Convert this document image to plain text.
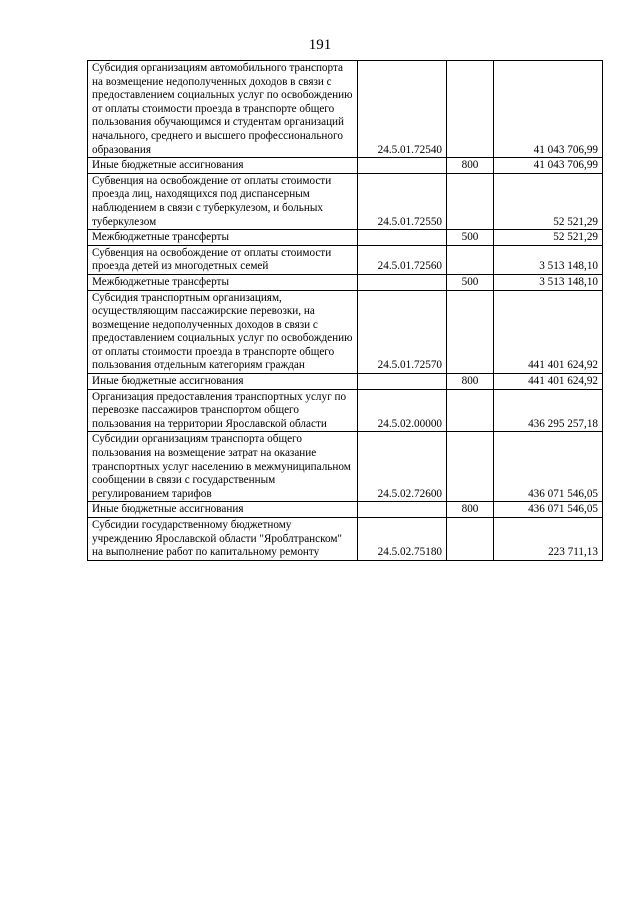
191
Субсидия организациям автомобильного транспорта на возмещение недополученных доходов в связи с предоставлением социальных услуг по освобождению от оплаты стоимости проезда в транспорте общего пользования обучающимся и студентам организаций начального, среднего и высшего профессионального образования	24.5.01.72540		41 043 706,99
Иные бюджетные ассигнования		800	41 043 706,99
Субвенция на освобождение от оплаты стоимости проезда лиц, находящихся под диспансерным наблюдением в связи с туберкулезом, и больных туберкулезом	24.5.01.72550		52 521,29
Межбюджетные трансферты		500	52 521,29
Субвенция на освобождение от оплаты стоимости проезда детей из многодетных семей	24.5.01.72560		3 513 148,10
Межбюджетные трансферты		500	3 513 148,10
Субсидия транспортным организациям, осуществляющим пассажирские перевозки, на возмещение недополученных доходов в связи с предоставлением социальных услуг по освобождению от оплаты стоимости проезда в транспорте общего пользования отдельным категориям граждан	24.5.01.72570		441 401 624,92
Иные бюджетные ассигнования		800	441 401 624,92
Организация предоставления транспортных услуг по перевозке пассажиров транспортом общего пользования на территории Ярославской области	24.5.02.00000		436 295 257,18
Субсидии организациям транспорта общего пользования на возмещение затрат на оказание транспортных услуг населению в межмуниципальном сообщении в связи с государственным регулированием тарифов	24.5.02.72600		436 071 546,05
Иные бюджетные ассигнования		800	436 071 546,05
Субсидии государственному бюджетному учреждению Ярославской области "Яроблтранском" на выполнение работ по капитальному ремонту	24.5.02.75180		223 711,13
